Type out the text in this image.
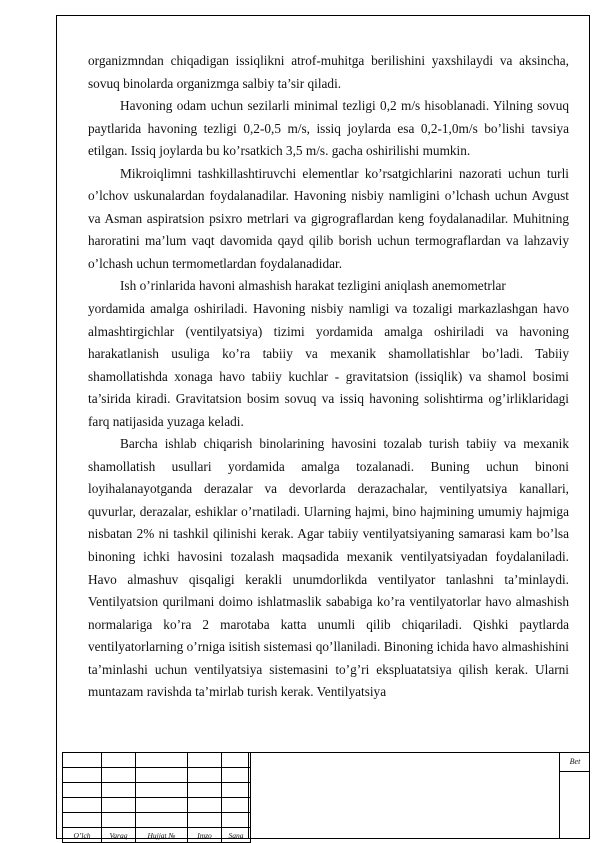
organizmndan chiqadigan issiqlikni atrof-muhitga berilishini yaxshilaydi va aksincha, sovuq binolarda organizmga salbiy ta’sir qiladi.

Havoning odam uchun sezilarli minimal tezligi 0,2 m/s hisoblanadi. Yilning sovuq paytlarida havoning tezligi 0,2-0,5 m/s, issiq joylarda esa 0,2-1,0m/s bo’lishi tavsiya etilgan. Issiq joylarda bu ko’rsatkich 3,5 m/s. gacha oshirilishi mumkin.

Mikroiqlimni tashkillashtiruvchi elementlar ko’rsatgichlarini nazorati uchun turli o’lchov uskunalardan foydalanadilar. Havoning nisbiy namligini o’lchash uchun Avgust va Asman aspiratsion psixro metrlari va gigrograflardan keng foydalanadilar. Muhitning haroratini ma’lum vaqt davomida qayd qilib borish uchun termograflardan va lahzaviy o’lchash uchun termometlardan foydalanadidar.

Ish o’rinlarida havoni almashish harakat tezligini aniqlash anemometrlar

yordamida amalga oshiriladi. Havoning nisbiy namligi va tozaligi markazlashgan havo almashtirgichlar (ventilyatsiya) tizimi yordamida amalga oshiriladi va havoning harakatlanish usuliga ko’ra tabiiy va mexanik shamollatishlar bo’ladi. Tabiiy shamollatishda xonaga havo tabiiy kuchlar - gravitatsion (issiqlik) va shamol bosimi ta’sirida kiradi. Gravitatsion bosim sovuq va issiq havoning solishtirma og’irliklaridagi farq natijasida yuzaga keladi.

Barcha ishlab chiqarish binolarining havosini tozalab turish tabiiy va mexanik shamollatish usullari yordamida amalga tozalanadi. Buning uchun binoni loyihalanayotganda derazalar va devorlarda derazachalar, ventilyatsiya kanallari, quvurlar, derazalar, eshiklar o’rnatiladi. Ularning hajmi, bino hajmining umumiy hajmiga nisbatan 2% ni tashkil qilinishi kerak. Agar tabiiy ventilyatsiyaning samarasi kam bo’lsa binoning ichki havosini tozalash maqsadida mexanik ventilyatsiyadan foydalaniladi. Havo almashuv qisqaligi kerakli unumdorlikda ventilyator tanlashni ta’minlaydi. Ventilyatsion qurilmani doimo ishlatmaslik sababiga ko’ra ventilyatorlar havo almashish normalariga ko’ra 2 marotaba katta unumli qilib chiqariladi. Qishki paytlarda ventilyatorlarning o’rniga isitish sistemasi qo’llaniladi. Binoning ichida havo almashishini ta’minlashi uchun ventilyatsiya sistemasini to’g’ri ekspluatatsiya qilish kerak. Ularni muntazam ravishda ta’mirlab turish kerak. Ventilyatsiya

O’lch	Varaq	Hujjat №	Imzo	Sana
Bet
